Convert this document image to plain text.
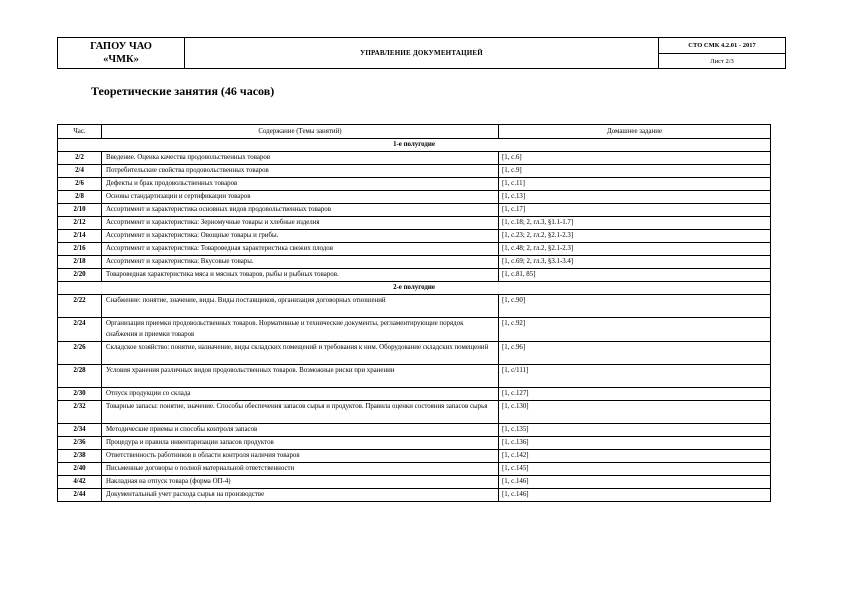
ГАПОУ ЧАО
«ЧМК»
	УПРАВЛЕНИЕ ДОКУМЕНТАЦИЕЙ	СТО СМК 4.2.01 - 2017
Лист 2/3
Теоретические занятия (46 часов)
Час.	Содержание (Темы занятий)	Домашнее задание
1-е полугодие		
2/2	Введение. Оценка качества продовольственных товаров	[1, с.6]
2/4	Потребительские свойства продовольственных товаров	[1, с.9]
2/6	Дефекты и брак продовольственных товаров	[1, с.11]
2/8	Основы стандартизации и сертификации товаров	[1, с.13]
2/10	Ассортимент и характеристика основных видов продовольственных товаров	[1, с.17]
2/12	Ассортимент и характеристика: Зерномучные товары и хлебные изделия	[1, с.18; 2, гл.3, §1.1-1.7]
2/14	Ассортимент и характеристика: Овощные товары и грибы.	[1, с.23; 2, гл.2, §2.1-2.3]
2/16	Ассортимент и характеристика: Товароведная характеристика свежих плодов	[1, с.48; 2, гл.2, §2.1-2.3]
2/18	Ассортимент и характеристика: Вкусовые товары.	[1, с.69; 2, гл.3, §3.1-3.4]
2/20	Товароведная характеристика мяса и мясных товаров, рыбы и рыбных товаров.	[1, с.81, 85]
2-е полугодие		
2/22	Снабжение: понятие, значение, виды. Виды поставщиков, организация договорных отношений	[1, с.90]
2/24	Организация приемки продовольственных товаров. Нормативные и технические документы, регламентирующие порядок снабжения и приемки товаров	[1, с.92]
2/26	Складское хозяйство: понятие, назначение, виды складских помещений и требования к ним. Оборудование складских помещений	[1, с.96]
2/28	Условия хранения различных видов продовольственных товаров. Возможные риски при хранении	[1, с/111]
2/30	Отпуск продукции со склада	[1, с.127]
2/32	Товарные запасы: понятие, значение. Способы обеспечения запасов сырья и продуктов. Правила оценки состояния запасов сырья	[1, с.130]
2/34	Методические приемы и способы контроля запасов	[1, с.135]
2/36	Процедура и правила инвентаризации запасов продуктов	[1, с.136]
2/38	Ответственность работников в области контроля наличия товаров	[1, с.142]
2/40	Письменные договоры о полной материальной ответственности	[1, с.145]
4/42	Накладная на отпуск товара (форма ОП-4)	[1, с.146]
2/44	Документальный учет расхода сырья на производстве	[1, с.146]
